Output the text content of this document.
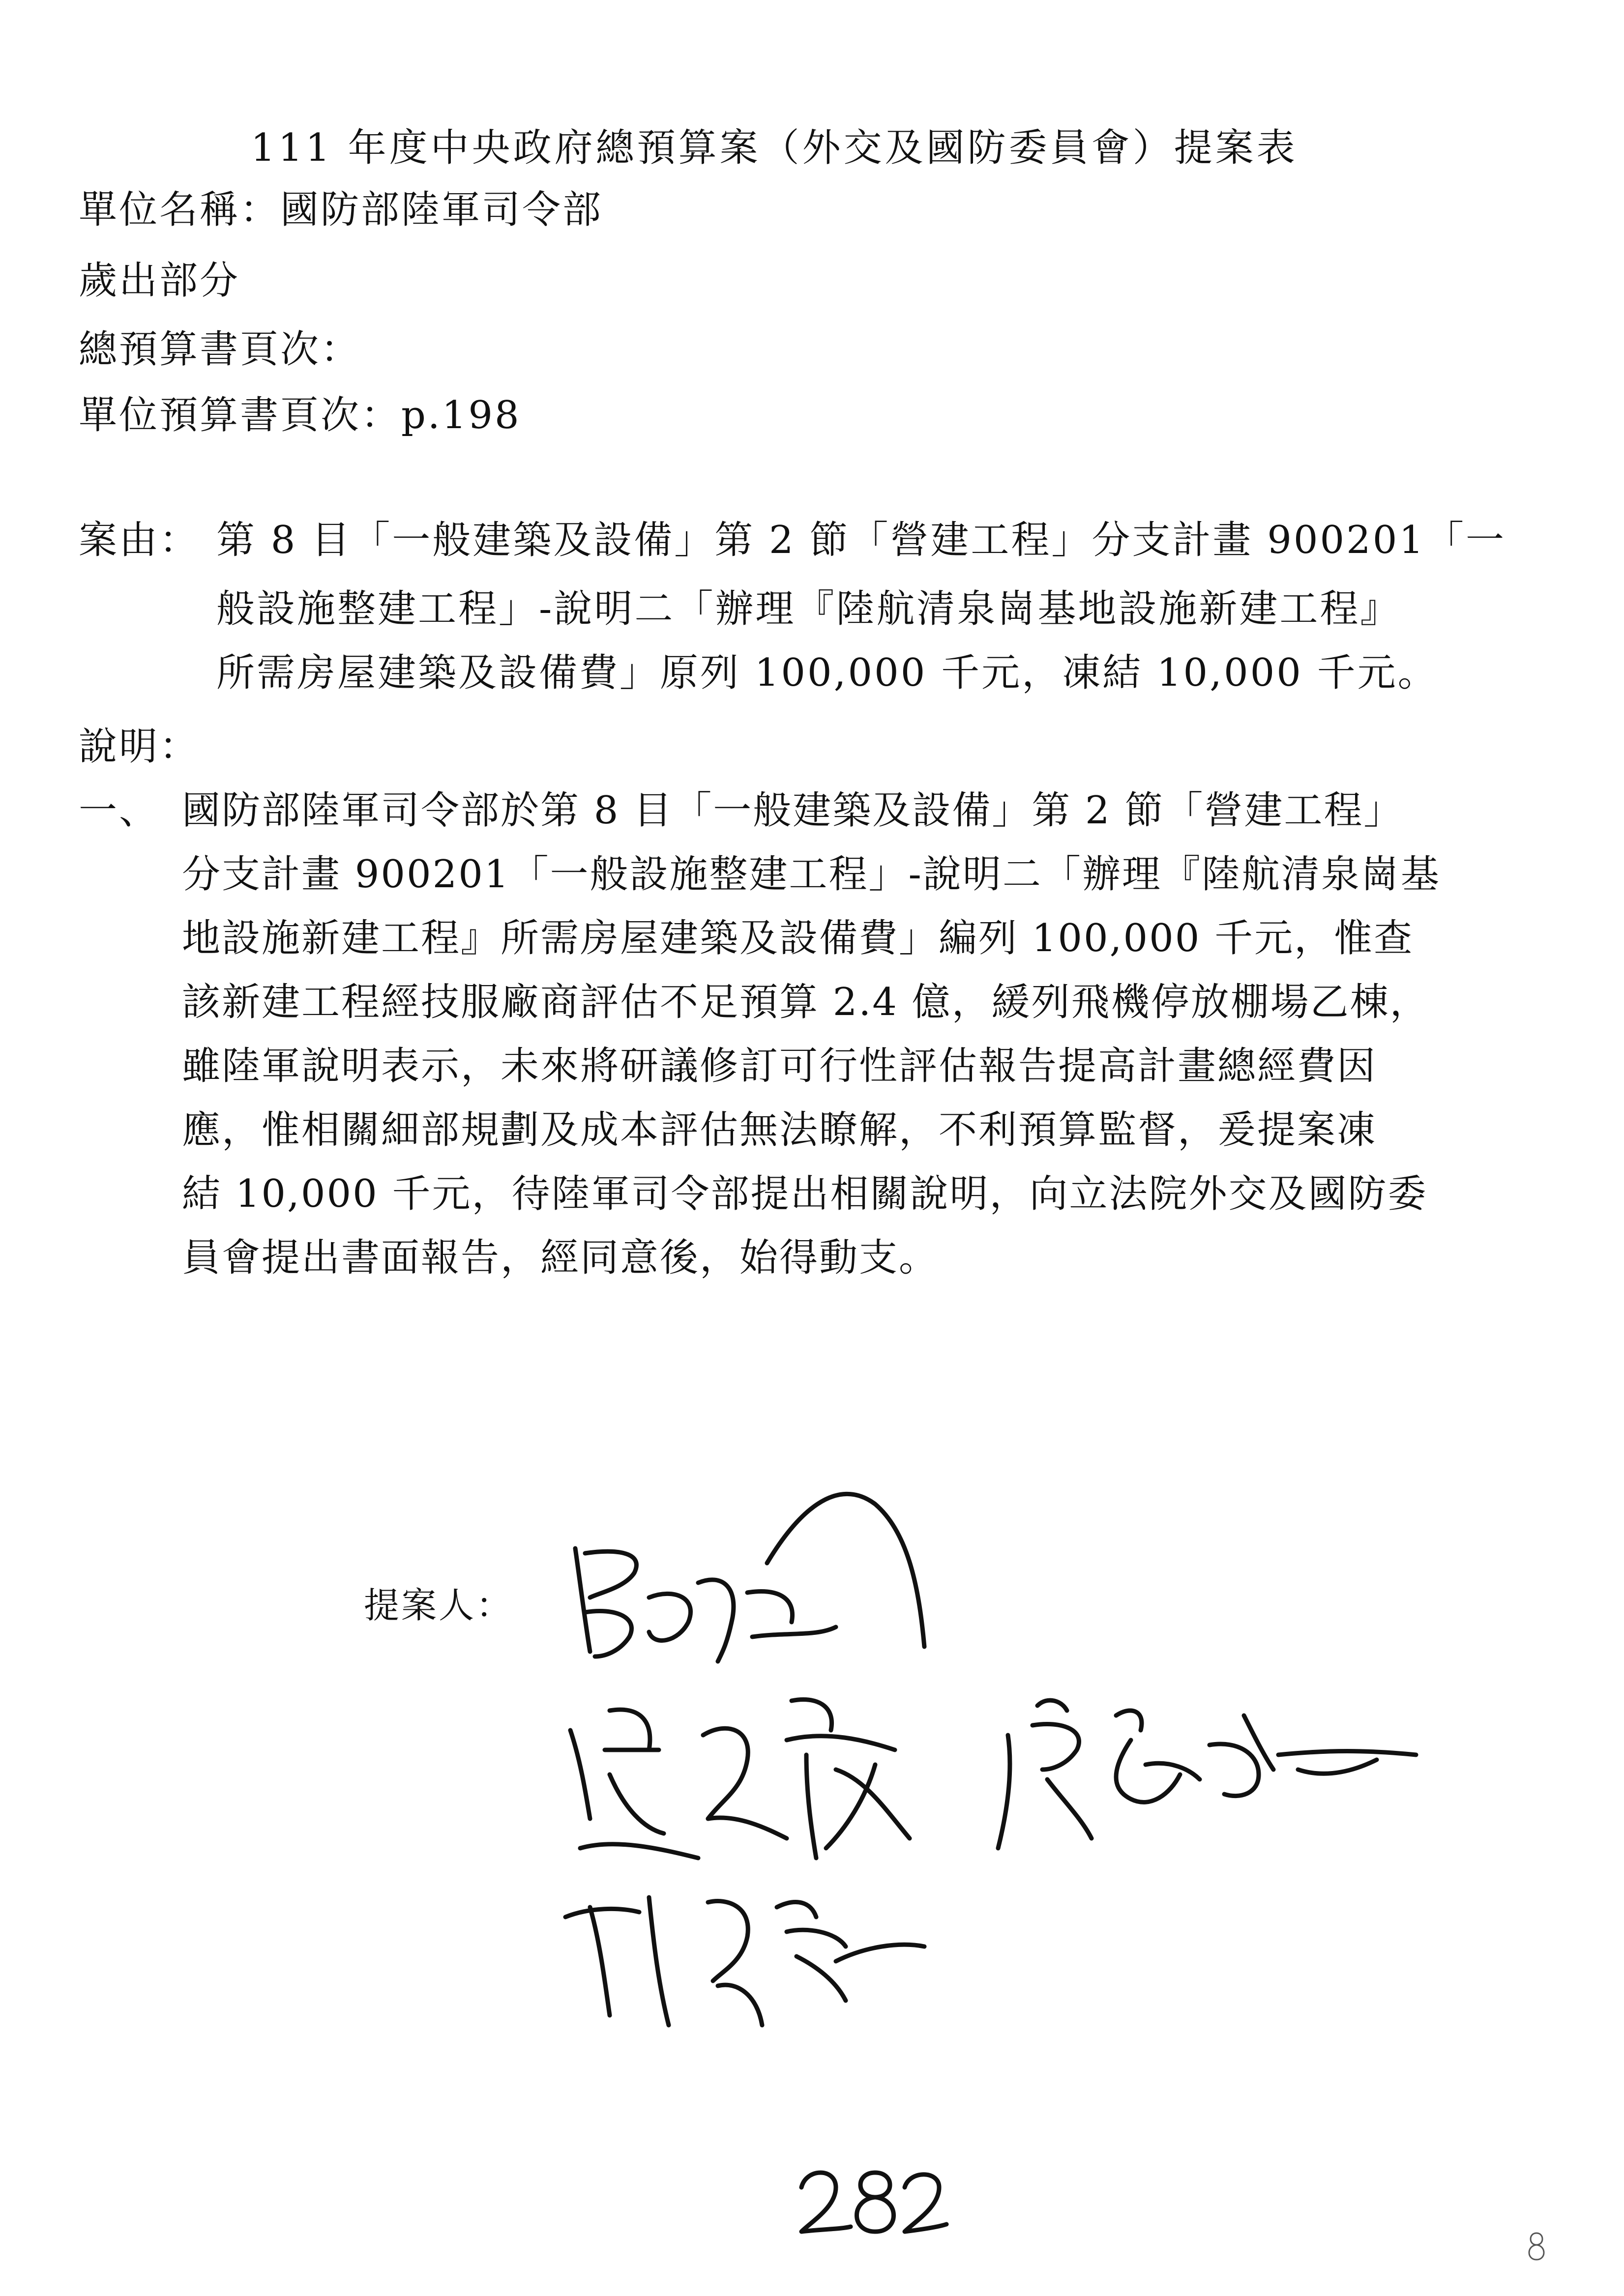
111 年度中央政府總預算案（外交及國防委員會）提案表
單位名稱：國防部陸軍司令部
歲出部分
總預算書頁次：
單位預算書頁次：p.198
案由： 第 8 目「一般建築及設備」第 2 節「營建工程」分支計畫 900201「一
般設施整建工程」-說明二「辦理『陸航清泉崗基地設施新建工程』
所需房屋建築及設備費」原列 100,000 千元，凍結 10,000 千元。
說明：
一、 國防部陸軍司令部於第 8 目「一般建築及設備」第 2 節「營建工程」
分支計畫 900201「一般設施整建工程」-說明二「辦理『陸航清泉崗基
地設施新建工程』所需房屋建築及設備費」編列 100,000 千元，惟查
該新建工程經技服廠商評估不足預算 2.4 億，緩列飛機停放棚場乙棟，
雖陸軍說明表示，未來將研議修訂可行性評估報告提高計畫總經費因
應，惟相關細部規劃及成本評估無法瞭解，不利預算監督，爰提案凍
結 10,000 千元，待陸軍司令部提出相關說明，向立法院外交及國防委
員會提出書面報告，經同意後，始得動支。
提案人：
